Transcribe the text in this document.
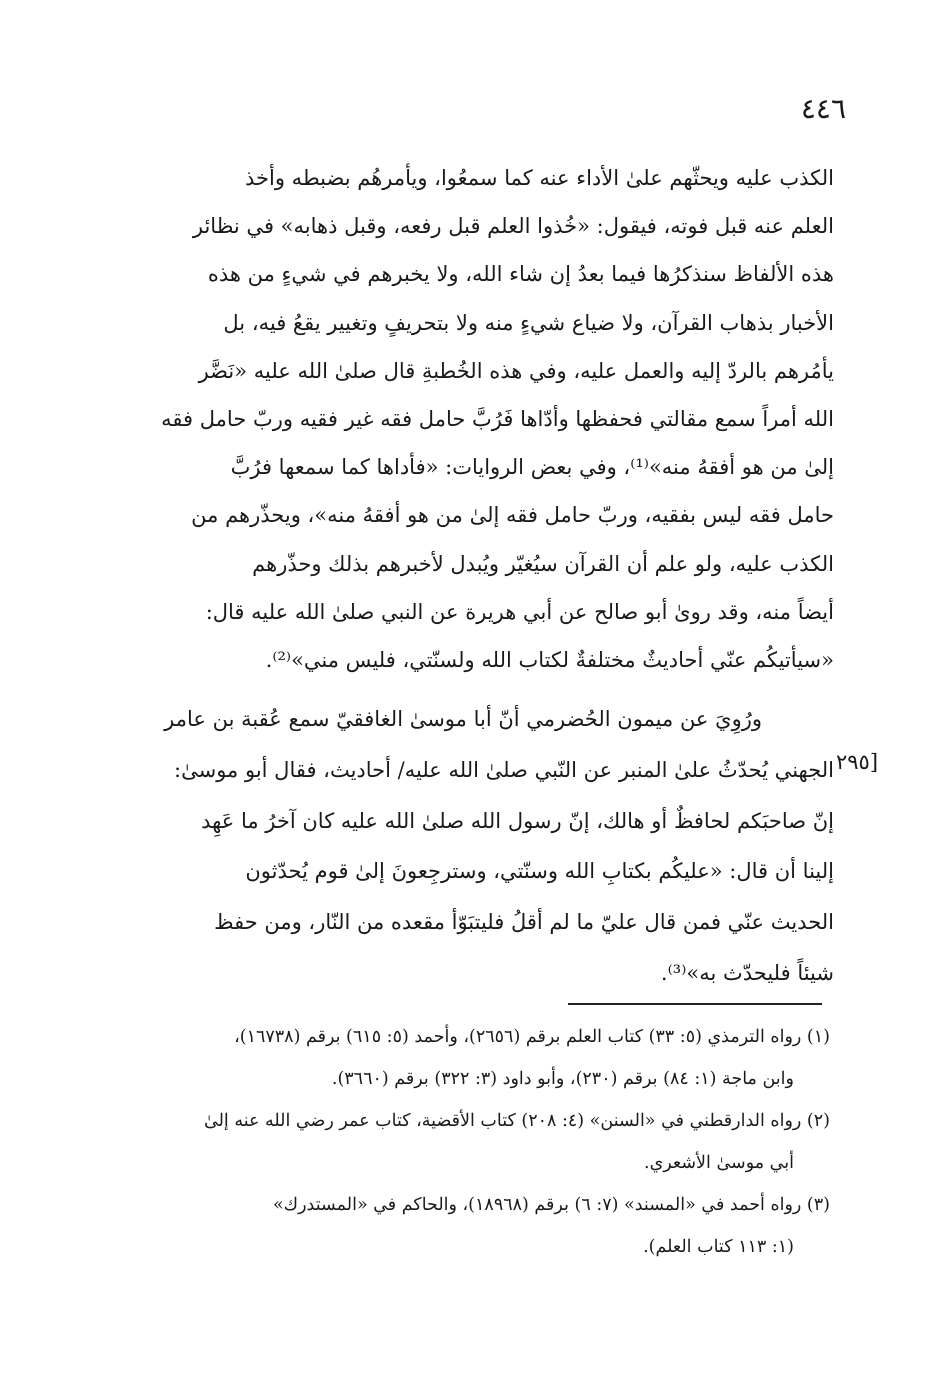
٤٤٦
الكذب عليه ويحثّهم علىٰ الأداء عنه كما سمعُوا، ويأمرهُم بضبطه وأخذ
العلم عنه قبل فوته، فيقول: «خُذوا العلم قبل رفعه، وقبل ذهابه» في نظائر
هذه الألفاظ سنذكرُها فيما بعدُ إن شاء الله، ولا يخبرهم في شيءٍ من هذه
الأخبار بذهاب القرآن، ولا ضياع شيءٍ منه ولا بتحريفٍ وتغيير يقعُ فيه، بل
يأمُرهم بالردّ إليه والعمل عليه، وفي هذه الخُطبةِ قال صلىٰ الله عليه «نَضَّر
الله أمراً سمع مقالتي فحفظها وأدّاها فَرُبَّ حامل فقه غير فقيه وربّ حامل فقه
إلىٰ من هو أفقهُ منه»⁽¹⁾، وفي بعض الروايات: «فأداها كما سمعها فرُبَّ
حامل فقه ليس بفقيه، وربّ حامل فقه إلىٰ من هو أفقهُ منه»، ويحذّرهم من
الكذب عليه، ولو علم أن القرآن سيُغيّر ويُبدل لأخبرهم بذلك وحذّرهم
أيضاً منه، وقد روىٰ أبو صالح عن أبي هريرة عن النبي صلىٰ الله عليه قال:
«سيأتيكُم عنّي أحاديثٌ مختلفةٌ لكتاب الله ولسنّتي، فليس مني»⁽²⁾.
ورُوِيَ عن ميمون الحُضرمي أنّ أبا موسىٰ الغافقيّ سمع عُقبة بن عامر
الجهني يُحدّثُ علىٰ المنبر عن النّبي صلىٰ الله عليه/ أحاديث، فقال أبو موسىٰ:
إنّ صاحبَكم لحافظٌ أو هالك، إنّ رسول الله صلىٰ الله عليه كان آخرُ ما عَهِد
إلينا أن قال: «عليكُم بكتابِ الله وسنّتي، وسترجِعونَ إلىٰ قوم يُحدّثون
الحديث عنّي فمن قال عليّ ما لم أقلُ فليتبَوّأ مقعده من النّار، ومن حفظ
شيئاً فليحدّث به»⁽³⁾.
[٢٩٥
(١) رواه الترمذي (٥: ٣٣) كتاب العلم برقم (٢٦٥٦)، وأحمد (٥: ٦١٥) برقم (١٦٧٣٨)،
وابن ماجة (١: ٨٤) برقم (٢٣٠)، وأبو داود (٣: ٣٢٢) برقم (٣٦٦٠).
(٢) رواه الدارقطني في «السنن» (٤: ٢٠٨) كتاب الأقضية، كتاب عمر رضي الله عنه إلىٰ
أبي موسىٰ الأشعري.
(٣) رواه أحمد في «المسند» (٧: ٦) برقم (١٨٩٦٨)، والحاكم في «المستدرك»
(١: ١١٣ كتاب العلم).
